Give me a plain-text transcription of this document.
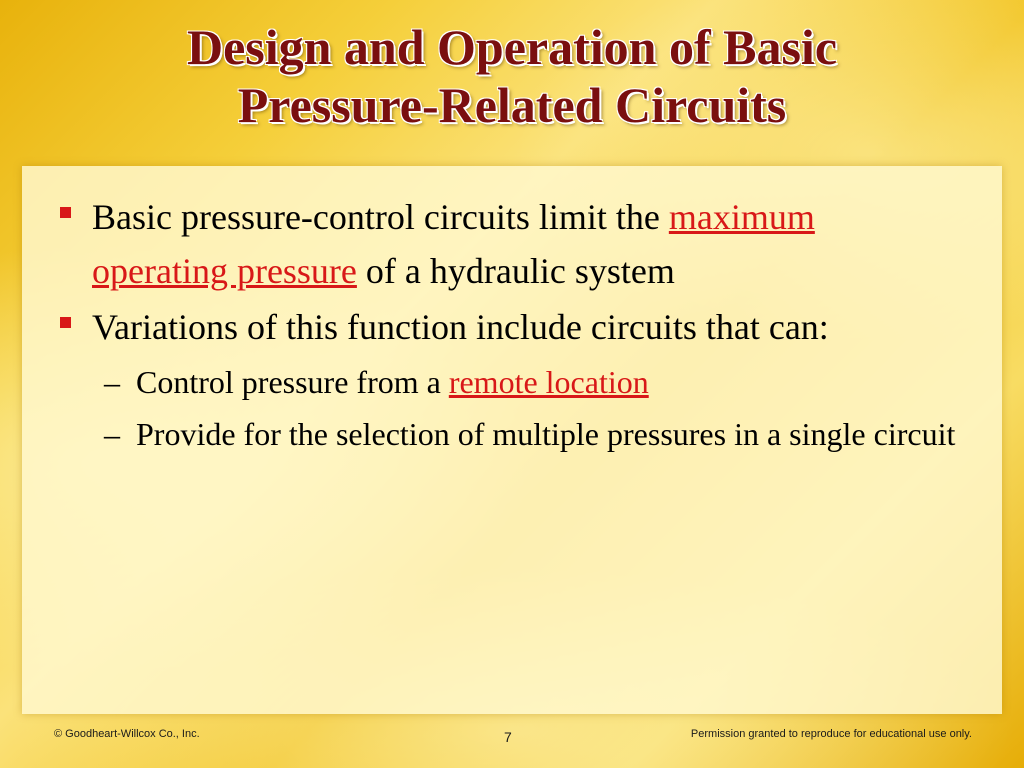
Design and Operation of Basic
Pressure-Related Circuits
Basic pressure-control circuits limit the maximum operating pressure of a hydraulic system
Variations of this function include circuits that can:
– Control pressure from a remote location
– Provide for the selection of multiple pressures in a single circuit
© Goodheart-Willcox Co., Inc.	7	Permission granted to reproduce for educational use only.
